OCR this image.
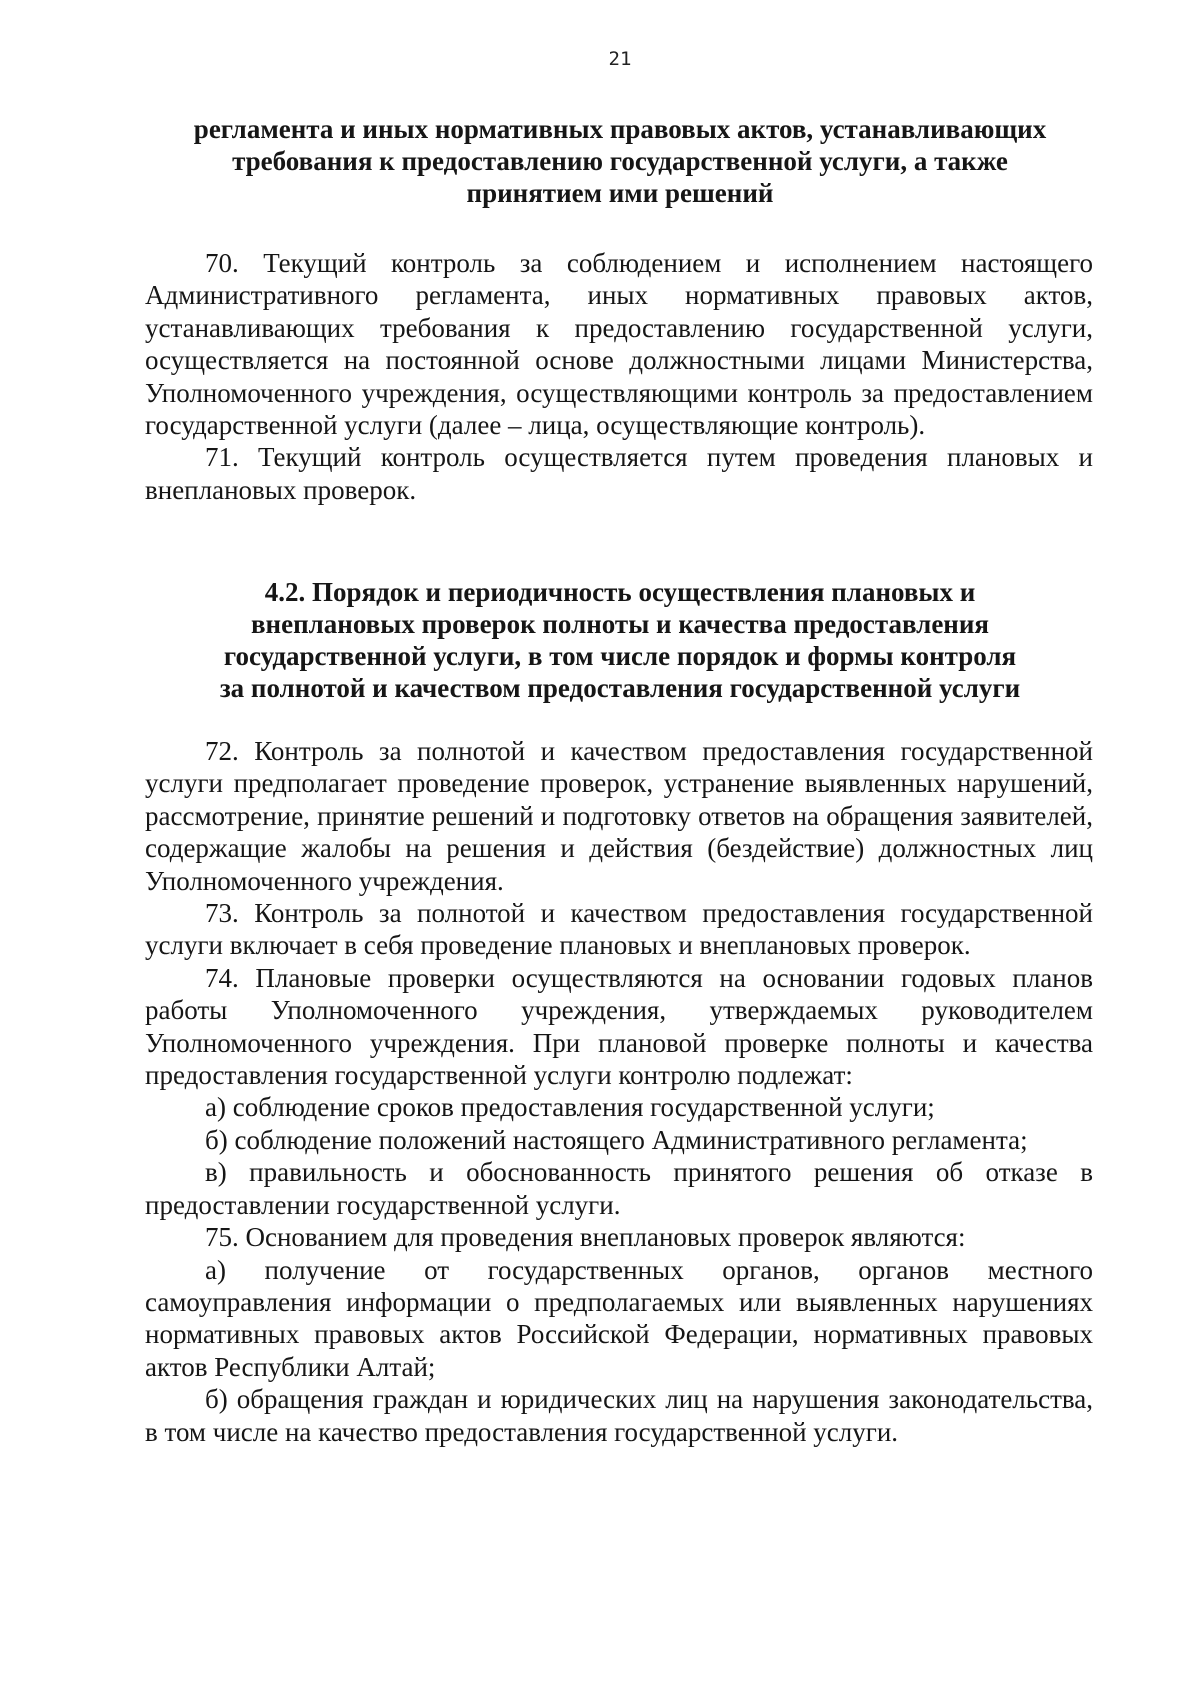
21
регламента и иных нормативных правовых актов, устанавливающих
требования к предоставлению государственной услуги, а также
принятием ими решений

70. Текущий контроль за соблюдением и исполнением настоящего Административного регламента, иных нормативных правовых актов, устанавливающих требования к предоставлению государственной услуги, осуществляется на постоянной основе должностными лицами Министерства, Уполномоченного учреждения, осуществляющими контроль за предоставлением государственной услуги (далее – лица, осуществляющие контроль).

71. Текущий контроль осуществляется путем проведения плановых и внеплановых проверок.

4.2. Порядок и периодичность осуществления плановых и
внеплановых проверок полноты и качества предоставления
государственной услуги, в том числе порядок и формы контроля
за полнотой и качеством предоставления государственной услуги

72. Контроль за полнотой и качеством предоставления государственной услуги предполагает проведение проверок, устранение выявленных нарушений, рассмотрение, принятие решений и подготовку ответов на обращения заявителей, содержащие жалобы на решения и действия (бездействие) должностных лиц Уполномоченного учреждения.

73. Контроль за полнотой и качеством предоставления государственной услуги включает в себя проведение плановых и внеплановых проверок.

74. Плановые проверки осуществляются на основании годовых планов работы Уполномоченного учреждения, утверждаемых руководителем Уполномоченного учреждения. При плановой проверке полноты и качества предоставления государственной услуги контролю подлежат:

а) соблюдение сроков предоставления государственной услуги;

б) соблюдение положений настоящего Административного регламента;

в) правильность и обоснованность принятого решения об отказе в предоставлении государственной услуги.

75. Основанием для проведения внеплановых проверок являются:

а) получение от государственных органов, органов местного самоуправления информации о предполагаемых или выявленных нарушениях нормативных правовых актов Российской Федерации, нормативных правовых актов Республики Алтай;

б) обращения граждан и юридических лиц на нарушения законодательства, в том числе на качество предоставления государственной услуги.
